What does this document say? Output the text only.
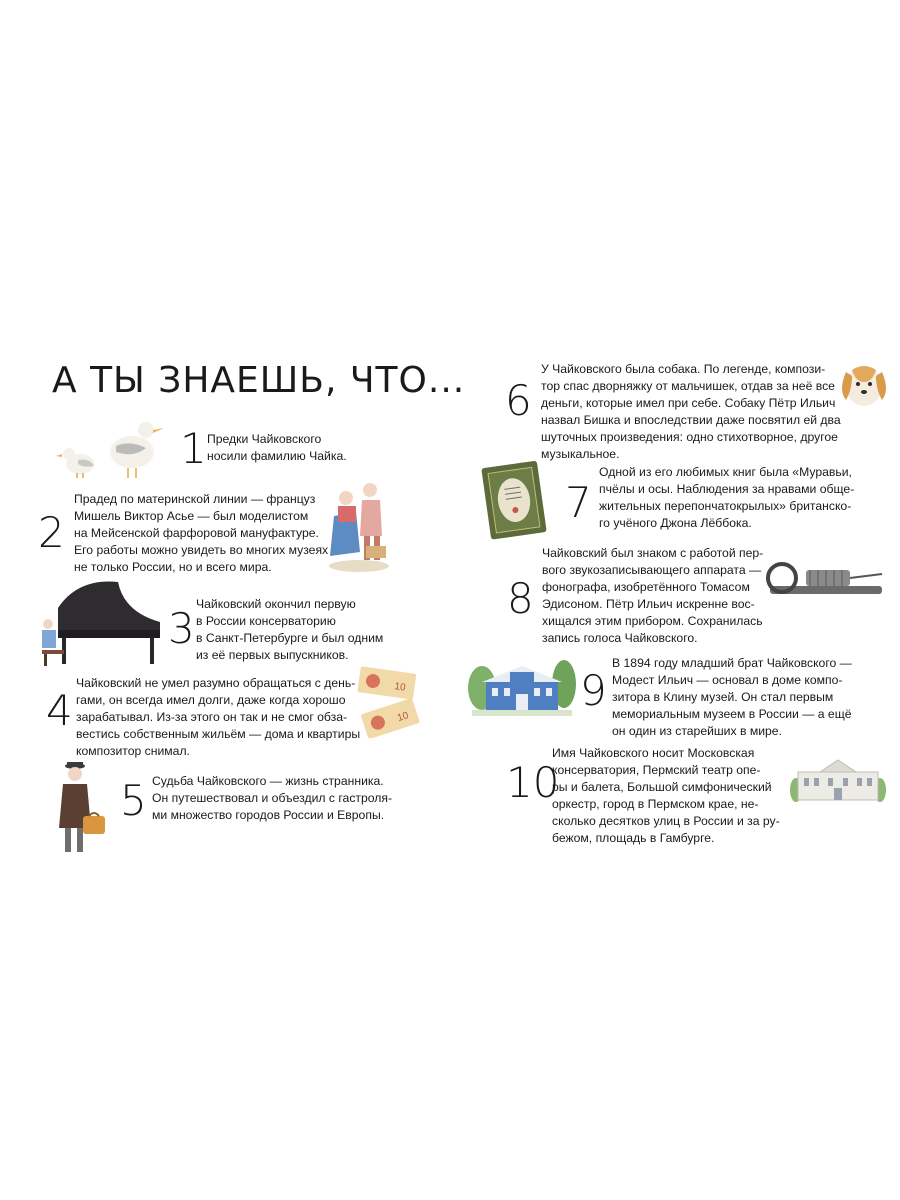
А ТЫ ЗНАЕШЬ, ЧТО...
1 Предки Чайковского
носили фамилию Чайка.
2
Прадед по материнской линии — француз
Мишель Виктор Асье — был моделистом
на Мейсенской фарфоровой мануфактуре.
Его работы можно увидеть во многих музеях
не только России, но и всего мира.
3 Чайковский окончил первую
в России консерваторию
в Санкт-Петербурге и был одним
из её первых выпускников.
4
Чайковский не умел разумно обращаться с день-
гами, он всегда имел долги, даже когда хорошо
зарабатывал. Из-за этого он так и не смог обза-
вестись собственным жильём — дома и квартиры
композитор снимал.
10
10
5 Судьба Чайковского — жизнь странника.
Он путешествовал и объездил с гастроля-
ми множество городов России и Европы.
6
У Чайковского была собака. По легенде, компози-
тор спас дворняжку от мальчишек, отдав за неё все
деньги, которые имел при себе. Собаку Пётр Ильич
назвал Бишка и впоследствии даже посвятил ей два
шуточных произведения: одно стихотворное, другое
музыкальное.
7
Одной из его любимых книг была «Муравьи,
пчёлы и осы. Наблюдения за нравами обще-
жительных перепончатокрылых» британско-
го учёного Джона Лёббока.
8
Чайковский был знаком с работой пер-
вого звукозаписывающего аппарата —
фонографа, изобретённого Томасом
Эдисоном. Пётр Ильич искренне вос-
хищался этим прибором. Сохранилась
запись голоса Чайковского.
9
В 1894 году младший брат Чайковского —
Модест Ильич — основал в доме компо-
зитора в Клину музей. Он стал первым
мемориальным музеем в России — а ещё
он один из старейших в мире.
10
Имя Чайковского носит Московская
консерватория, Пермский театр опе-
ры и балета, Большой симфонический
оркестр, город в Пермском крае, не-
сколько десятков улиц в России и за ру-
бежом, площадь в Гамбурге.
